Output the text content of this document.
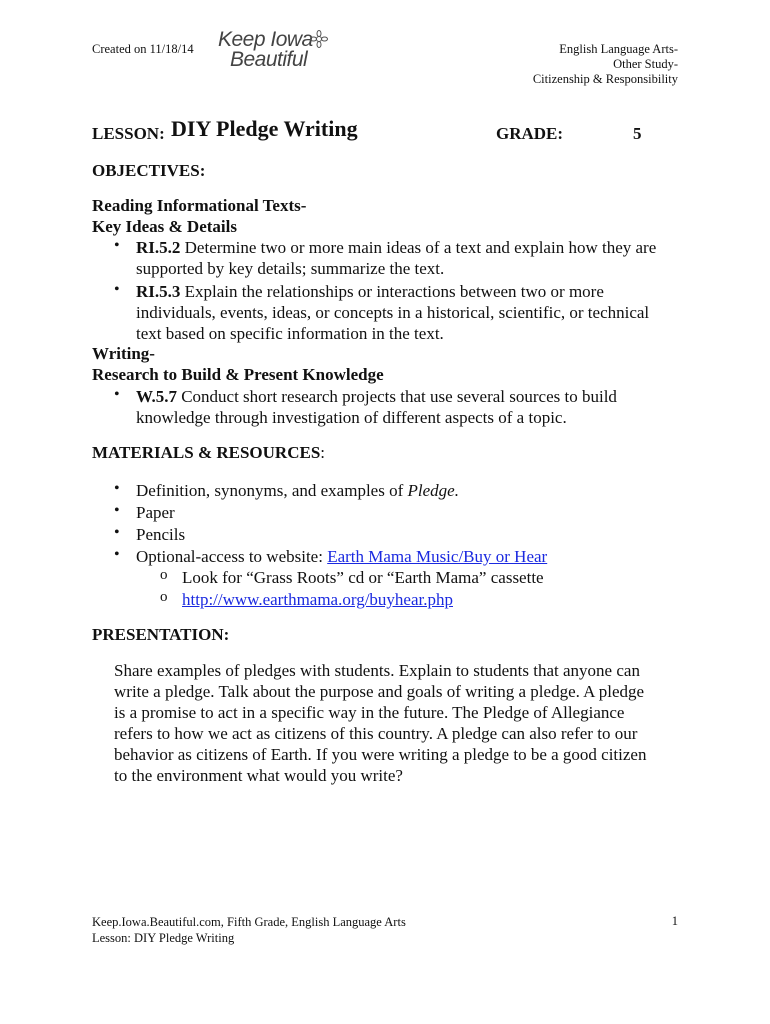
Created on 11/18/14 Keep Iowa
Beautiful	English Language Arts-
Other Study-
Citizenship & Responsibility
LESSON: DIY Pledge Writing	GRADE:	5
OBJECTIVES:
Reading Informational Texts-
Key Ideas & Details
• RI.5.2 Determine two or more main ideas of a text and explain how they are
supported by key details; summarize the text.
• RI.5.3 Explain the relationships or interactions between two or more
individuals, events, ideas, or concepts in a historical, scientific, or technical
text based on specific information in the text.
Writing-
Research to Build & Present Knowledge
• W.5.7 Conduct short research projects that use several sources to build
knowledge through investigation of different aspects of a topic.
MATERIALS & RESOURCES:
• Definition, synonyms, and examples of Pledge.
• Paper
• Pencils
• Optional-access to website: Earth Mama Music/Buy or Hear
o Look for “Grass Roots” cd or “Earth Mama” cassette
o http://www.earthmama.org/buyhear.php
PRESENTATION:
Share examples of pledges with students. Explain to students that anyone can
write a pledge. Talk about the purpose and goals of writing a pledge. A pledge
is a promise to act in a specific way in the future. The Pledge of Allegiance
refers to how we act as citizens of this country. A pledge can also refer to our
behavior as citizens of Earth. If you were writing a pledge to be a good citizen
to the environment what would you write?
Keep.Iowa.Beautiful.com, Fifth Grade, English Language Arts
Lesson: DIY Pledge Writing
1
